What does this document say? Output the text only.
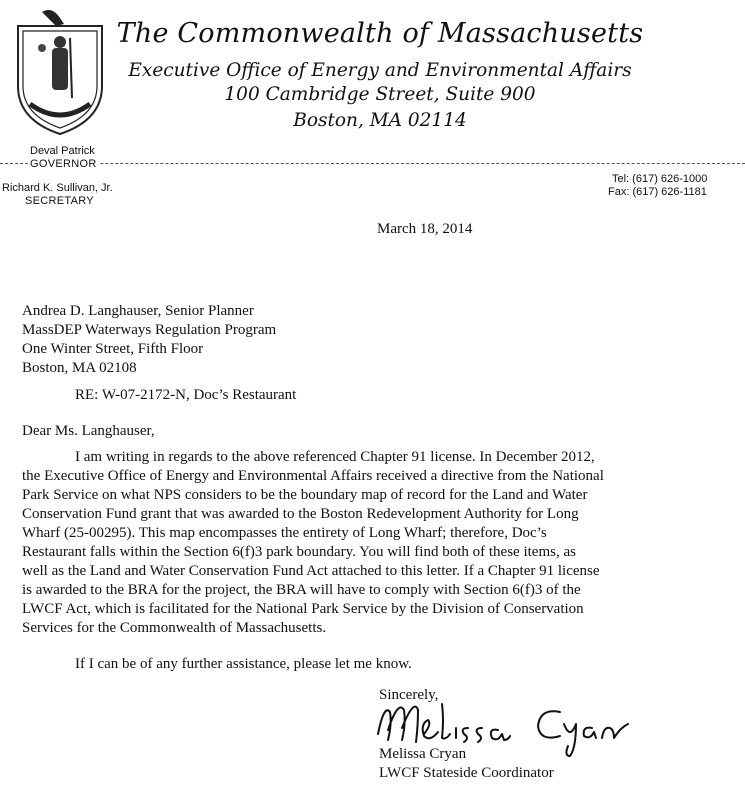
The Commonwealth of Massachusetts
Executive Office of Energy and Environmental Affairs
100 Cambridge Street, Suite 900
Boston, MA 02114
Deval Patrick
GOVERNOR
Richard K. Sullivan, Jr.
SECRETARY
Tel: (617) 626-1000
Fax: (617) 626-1181
March 18, 2014
Andrea D. Langhauser, Senior Planner
MassDEP Waterways Regulation Program
One Winter Street, Fifth Floor
Boston, MA 02108
RE: W-07-2172-N, Doc’s Restaurant
Dear Ms. Langhauser,
I am writing in regards to the above referenced Chapter 91 license. In December 2012,
the Executive Office of Energy and Environmental Affairs received a directive from the National
Park Service on what NPS considers to be the boundary map of record for the Land and Water
Conservation Fund grant that was awarded to the Boston Redevelopment Authority for Long
Wharf (25-00295). This map encompasses the entirety of Long Wharf; therefore, Doc’s
Restaurant falls within the Section 6(f)3 park boundary. You will find both of these items, as
well as the Land and Water Conservation Fund Act attached to this letter. If a Chapter 91 license
is awarded to the BRA for the project, the BRA will have to comply with Section 6(f)3 of the
LWCF Act, which is facilitated for the National Park Service by the Division of Conservation
Services for the Commonwealth of Massachusetts.
If I can be of any further assistance, please let me know.
Sincerely,
Melissa Cryan
LWCF Stateside Coordinator
